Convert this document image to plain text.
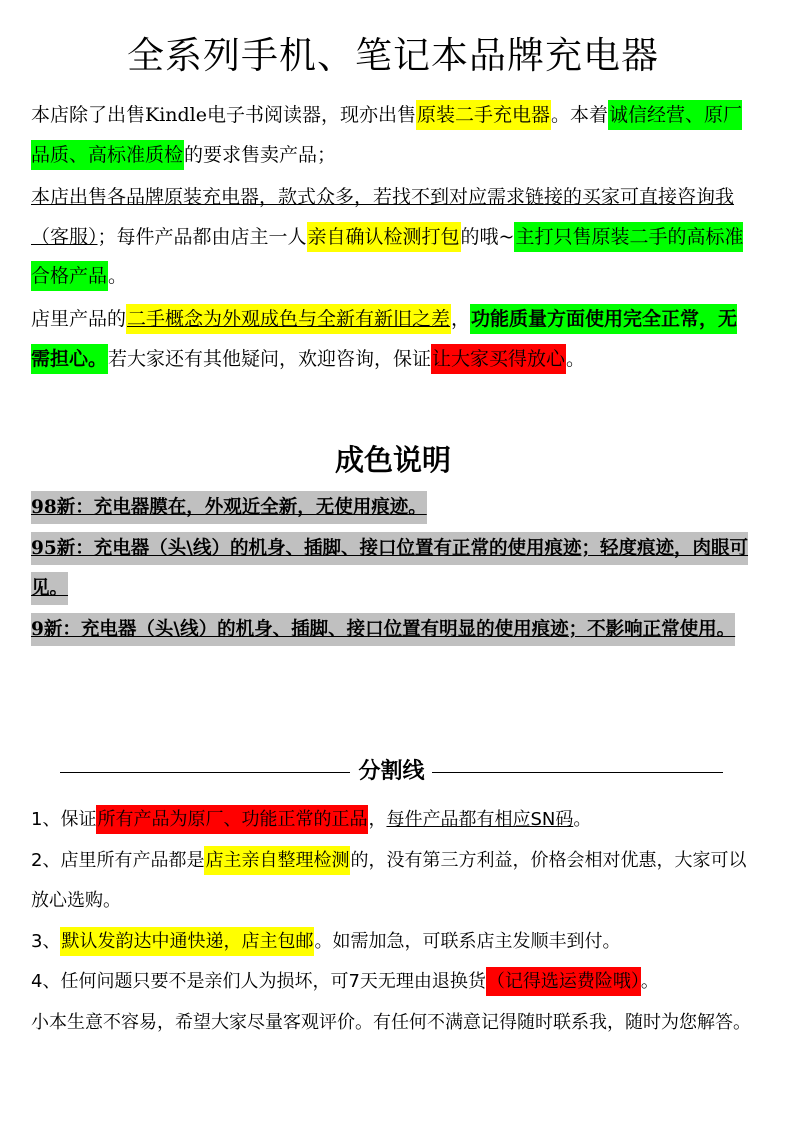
全系列手机、笔记本品牌充电器
本店除了出售Kindle电子书阅读器，现亦出售原装二手充电器。本着诚信经营、原厂品质、高标准质检的要求售卖产品；
本店出售各品牌原装充电器，款式众多，若找不到对应需求链接的买家可直接咨询我（客服）；每件产品都由店主一人亲自确认检测打包的哦~主打只售原装二手的高标准合格产品。
店里产品的二手概念为外观成色与全新有新旧之差，功能质量方面使用完全正常，无需担心。若大家还有其他疑问，欢迎咨询，保证让大家买得放心。
成色说明
98新：充电器膜在，外观近全新，无使用痕迹。
95新：充电器（头\线）的机身、插脚、接口位置有正常的使用痕迹；轻度痕迹，肉眼可见。
9新：充电器（头\线）的机身、插脚、接口位置有明显的使用痕迹；不影响正常使用。
分割线

1、保证所有产品为原厂、功能正常的正品，每件产品都有相应SN码。

2、店里所有产品都是店主亲自整理检测的，没有第三方利益，价格会相对优惠，大家可以放心选购。

3、默认发韵达中通快递，店主包邮。如需加急，可联系店主发顺丰到付。

4、任何问题只要不是亲们人为损坏，可7天无理由退换货（记得选运费险哦）。

小本生意不容易，希望大家尽量客观评价。有任何不满意记得随时联系我，随时为您解答。
